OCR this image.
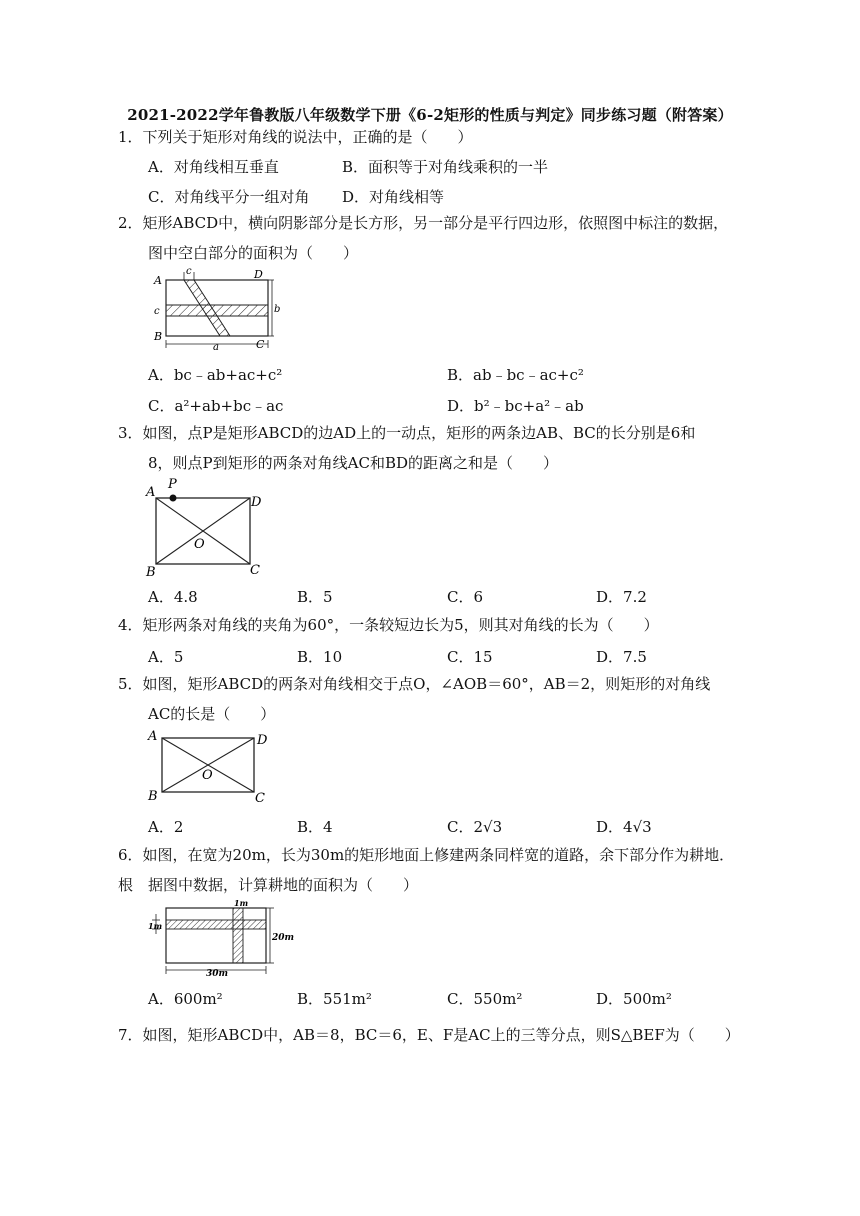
2021-2022学年鲁教版八年级数学下册《6-2矩形的性质与判定》同步练习题（附答案）
1．下列关于矩形对角线的说法中，正确的是（　　）
A．对角线相互垂直	B．面积等于对角线乘积的一半
C．对角线平分一组对角 D．对角线相等
2．矩形ABCD中，横向阴影部分是长方形，另一部分是平行四边形，依照图中标注的数据，
图中空白部分的面积为（　　）
A	D
B
C
c
c	b
a
A．bc﹣ab+ac+c²	B．ab﹣bc﹣ac+c²
C．a²+ab+bc﹣ac	D．b²﹣bc+a²﹣ab
3．如图，点P是矩形ABCD的边AD上的一动点，矩形的两条边AB、BC的长分别是6和
8，则点P到矩形的两条对角线AC和BD的距离之和是（　　）
A
P
D
O
B	C
A．4.8	B．5	C．6	D．7.2
4．矩形两条对角线的夹角为60°，一条较短边长为5，则其对角线的长为（　　）
A．5	B．10	C．15	D．7.5
5．如图，矩形ABCD的两条对角线相交于点O，∠AOB＝60°，AB＝2，则矩形的对角线
AC的长是（　　）
A	D
O
B	C
A．2	B．4	C．2√3	D．4√3
6．如图，在宽为20m，长为30m的矩形地面上修建两条同样宽的道路，余下部分作为耕地．根 据图中数据，计算耕地的面积为（　　）
1m
1m
20m
30m
A．600m²	B．551m²	C．550m²	D．500m²
7．如图，矩形ABCD中，AB＝8，BC＝6，E、F是AC上的三等分点，则S△BEF为（　　）
